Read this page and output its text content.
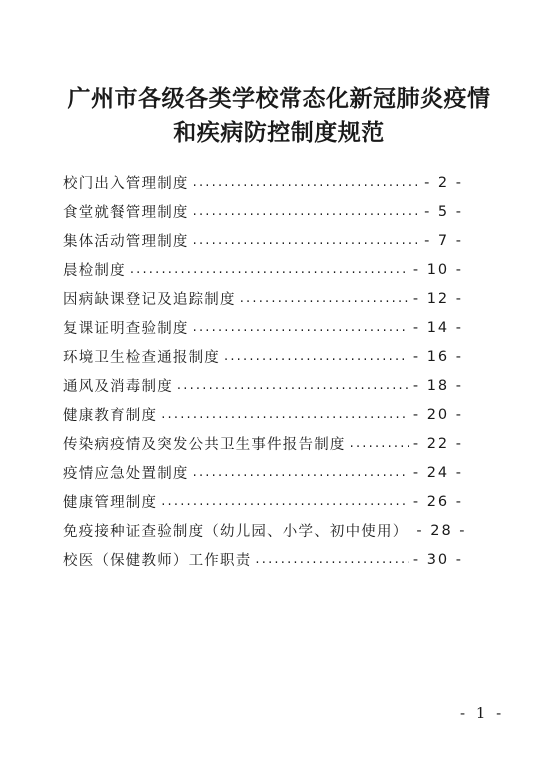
广州市各级各类学校常态化新冠肺炎疫情
和疾病防控制度规范
校门出入管理制度 .....	- 2 -
食堂就餐管理制度 .....	- 5 -
集体活动管理制度 .....	- 7 -
晨检制度 .....	- 10 -
因病缺课登记及追踪制度 .....	- 12 -
复课证明查验制度 .....	- 14 -
环境卫生检查通报制度 .....	- 16 -
通风及消毒制度 .....	- 18 -
健康教育制度 .....	- 20 -
传染病疫情及突发公共卫生事件报告制度 .....	- 22 -
疫情应急处置制度 .....	- 24 -
健康管理制度 .....	- 26 -
免疫接种证查验制度（幼儿园、小学、初中使用） - 28 -
校医（保健教师）工作职责 .....	- 30 -
- 1 -
